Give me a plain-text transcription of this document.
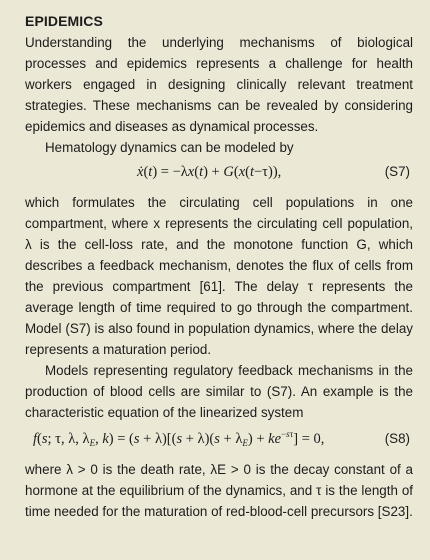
EPIDEMICS

Understanding the underlying mechanisms of biological processes and epidemics represents a challenge for health workers engaged in designing clinically relevant treatment strategies. These mechanisms can be revealed by considering epidemics and diseases as dynamical processes.

Hematology dynamics can be modeled by

ẋ(t) = −λx(t) + G(x(t−τ)),	(S7)

which formulates the circulating cell populations in one compartment, where x represents the circulating cell population, λ is the cell-loss rate, and the monotone function G, which describes a feedback mechanism, denotes the flux of cells from the previous compartment [61]. The delay τ represents the average length of time required to go through the compartment. Model (S7) is also found in population dynamics, where the delay represents a maturation period.

Models representing regulatory feedback mechanisms in the production of blood cells are similar to (S7). An example is the characteristic equation of the linearized system

f(s; τ, λ, $\lambda_E$, $k) = (s + \lambda)[(s + \lambda)(s + \lambda_E) + ke^{-s\tau}] = 0$,	(S8)

where λ > 0 is the death rate, λE > 0 is the decay constant of a hormone at the equilibrium of the dynamics, and τ is the length of time needed for the maturation of red-blood-cell precursors [S23].
